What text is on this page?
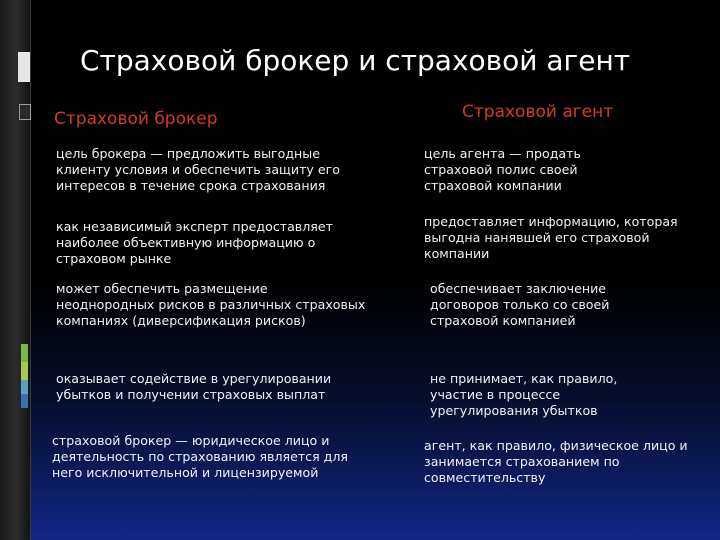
Страховой брокер и страховой агент
Страховой брокер	Страховой агент

цель брокера — предложить выгодные клиенту условия и обеспечить защиту его интересов в течение срока страхования

цель агента — продать страховой полис своей страховой компании

как независимый эксперт предоставляет наиболее объективную информацию о страховом рынке

предоставляет информацию, которая выгодна нанявшей его страховой компании

может обеспечить размещение неоднородных рисков в различных страховых компаниях (диверсификация рисков)

обеспечивает заключение договоров только со своей страховой компанией

оказывает содействие в урегулировании убытков и получении страховых выплат

не принимает, как правило, участие в процессе урегулирования убытков

страховой брокер — юридическое лицо и деятельность по страхованию является для него исключительной и лицензируемой

агент, как правило, физическое лицо и занимается страхованием по совместительству
